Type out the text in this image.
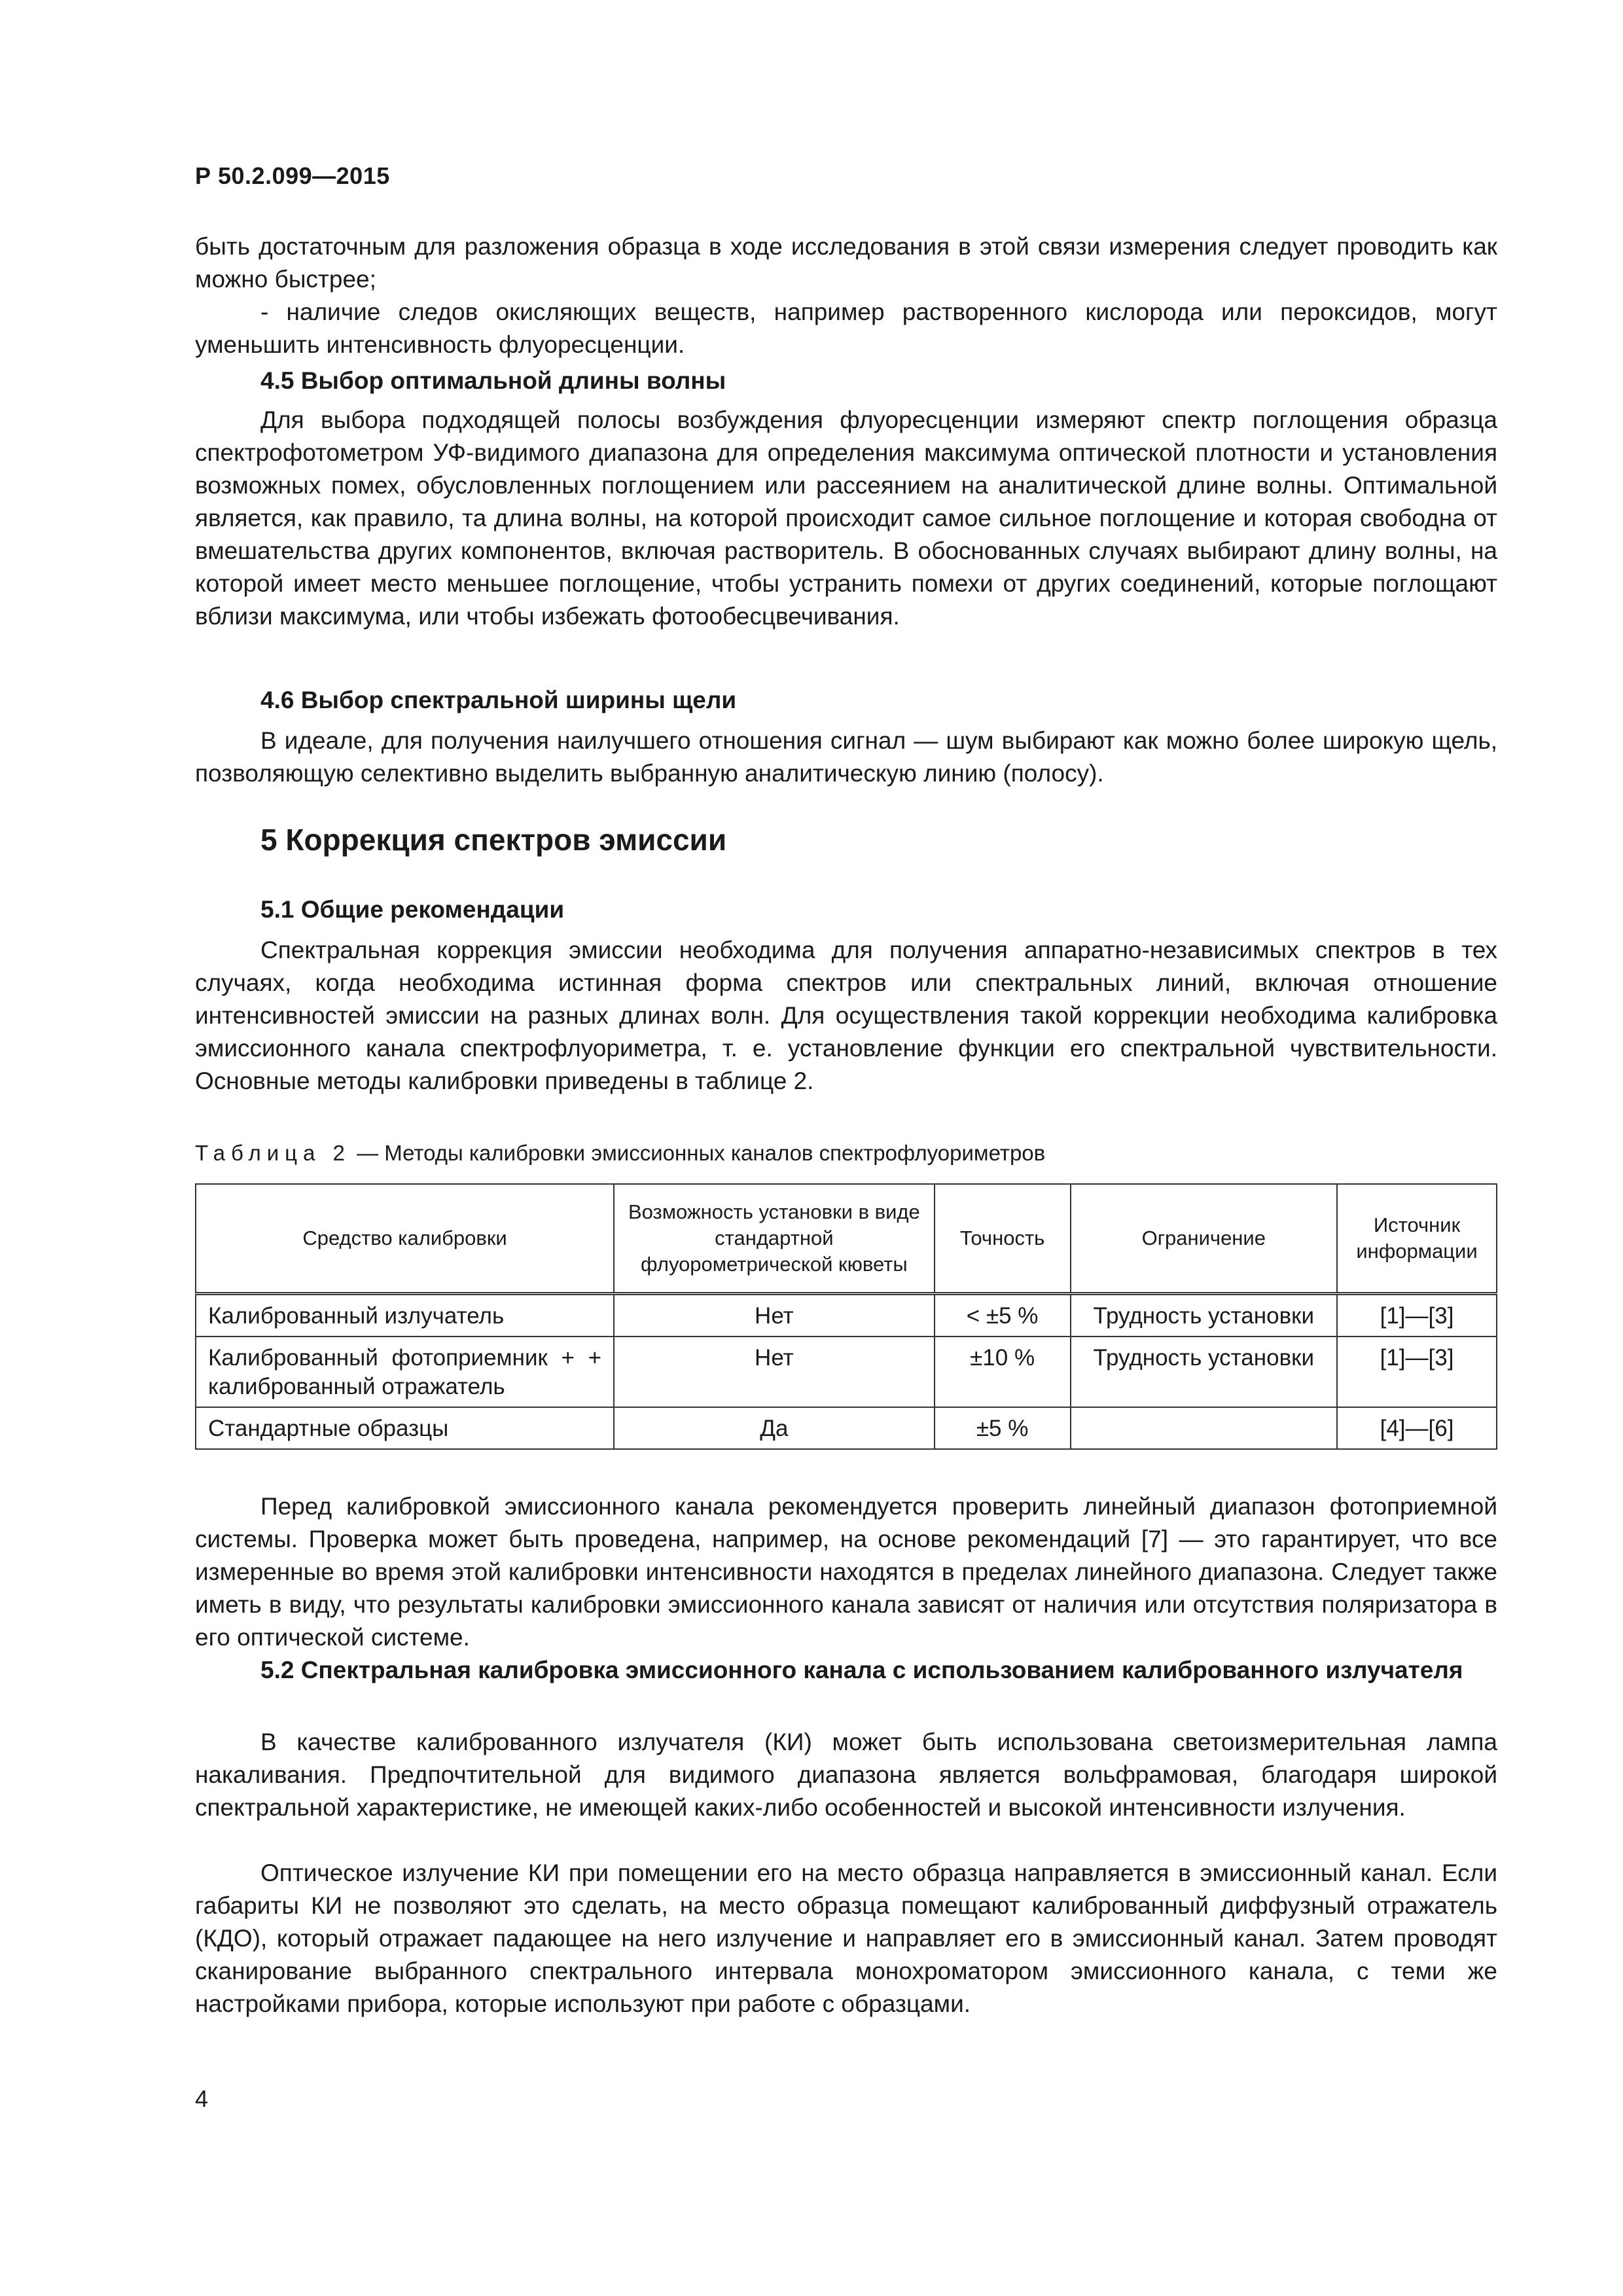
Р 50.2.099—2015

быть достаточным для разложения образца в ходе исследования в этой связи измерения следует проводить как можно быстрее;

- наличие следов окисляющих веществ, например растворенного кислорода или пероксидов, могут уменьшить интенсивность флуоресценции.

4.5 Выбор оптимальной длины волны

Для выбора подходящей полосы возбуждения флуоресценции измеряют спектр поглощения образца спектрофотометром УФ-видимого диапазона для определения максимума оптической плотности и установления возможных помех, обусловленных поглощением или рассеянием на аналитической длине волны. Оптимальной является, как правило, та длина волны, на которой происходит самое сильное поглощение и которая свободна от вмешательства других компонентов, включая растворитель. В обоснованных случаях выбирают длину волны, на которой имеет место меньшее поглощение, чтобы устранить помехи от других соединений, которые поглощают вблизи максимума, или чтобы избежать фотообесцвечивания.

4.6 Выбор спектральной ширины щели

В идеале, для получения наилучшего отношения сигнал — шум выбирают как можно более широкую щель, позволяющую селективно выделить выбранную аналитическую линию (полосу).

5 Коррекция спектров эмиссии
5.1 Общие рекомендации

Спектральная коррекция эмиссии необходима для получения аппаратно-независимых спектров в тех случаях, когда необходима истинная форма спектров или спектральных линий, включая отношение интенсивностей эмиссии на разных длинах волн. Для осуществления такой коррекции необходима калибровка эмиссионного канала спектрофлуориметра, т. е. установление функции его спектральной чувствительности. Основные методы калибровки приведены в таблице 2.

Таблица 2 — Методы калибровки эмиссионных каналов спектрофлуориметров
Средство калибровки	Возможность установки в виде стандартной флуорометрической кюветы	Точность	Ограничение	Источник информации
Калиброванный излучатель	Нет	< ±5 %	Трудность установки	[1]—[3]
Калиброванный фотоприемник + + калиброванный отражатель	Нет	±10 %	Трудность установки	[1]—[3]
Стандартные образцы	Да	±5 %		[4]—[6]

Перед калибровкой эмиссионного канала рекомендуется проверить линейный диапазон фотоприемной системы. Проверка может быть проведена, например, на основе рекомендаций [7] — это гарантирует, что все измеренные во время этой калибровки интенсивности находятся в пределах линейного диапазона. Следует также иметь в виду, что результаты калибровки эмиссионного канала зависят от наличия или отсутствия поляризатора в его оптической системе.

5.2 Спектральная калибровка эмиссионного канала с использованием калиброванного излучателя

В качестве калиброванного излучателя (КИ) может быть использована светоизмерительная лампа накаливания. Предпочтительной для видимого диапазона является вольфрамовая, благодаря широкой спектральной характеристике, не имеющей каких-либо особенностей и высокой интенсивности излучения.

Оптическое излучение КИ при помещении его на место образца направляется в эмиссионный канал. Если габариты КИ не позволяют это сделать, на место образца помещают калиброванный диффузный отражатель (КДО), который отражает падающее на него излучение и направляет его в эмиссионный канал. Затем проводят сканирование выбранного спектрального интервала монохроматором эмиссионного канала, с теми же настройками прибора, которые используют при работе с образцами.

4
